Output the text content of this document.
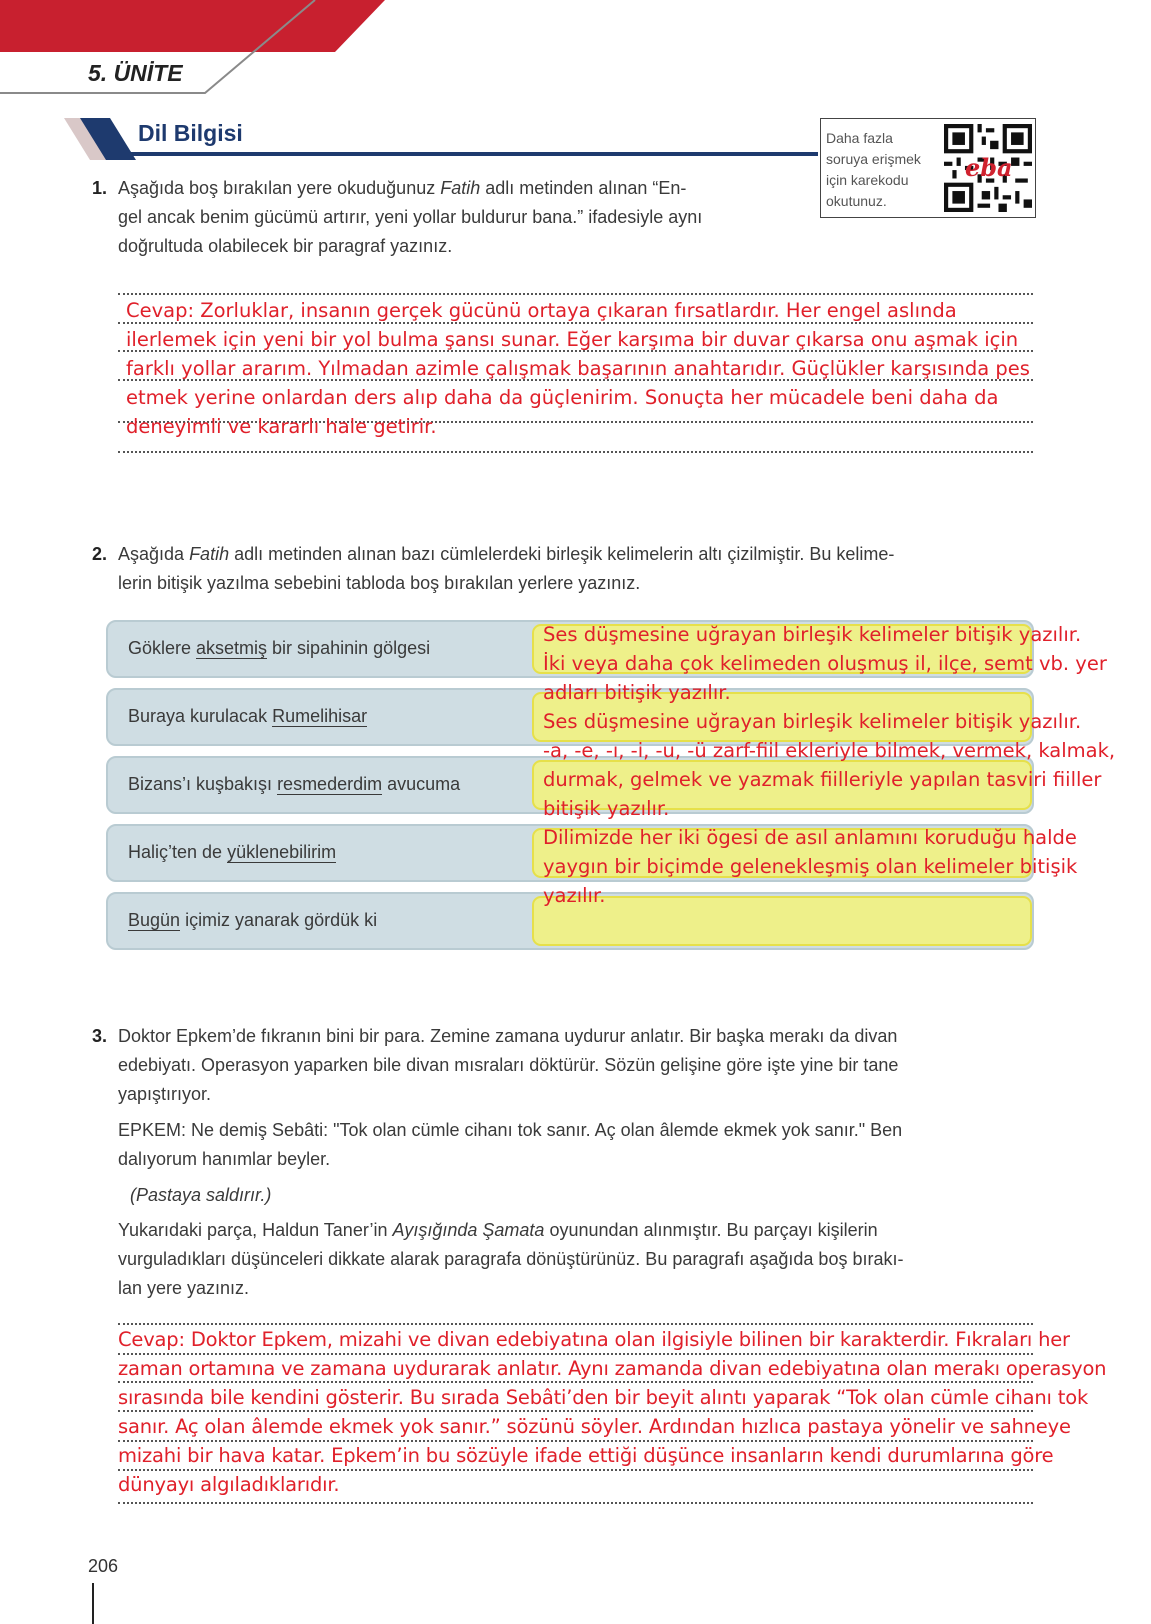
5. ÜNİTE
Dil Bilgisi	Daha fazla
soruya erişmek
için karekodu
okutunuz.
eba
1. Aşağıda boş bırakılan yere okuduğunuz Fatih adlı metinden alınan “En-
gel ancak benim gücümü artırır, yeni yollar buldurur bana.” ifadesiyle aynı
doğrultuda olabilecek bir paragraf yazınız.
Cevap: Zorluklar, insanın gerçek gücünü ortaya çıkaran fırsatlardır. Her engel aslında
ilerlemek için yeni bir yol bulma şansı sunar. Eğer karşıma bir duvar çıkarsa onu aşmak için
farklı yollar ararım. Yılmadan azimle çalışmak başarının anahtarıdır. Güçlükler karşısında pes
etmek yerine onlardan ders alıp daha da güçlenirim. Sonuçta her mücadele beni daha da
deneyimli ve kararlı hale getirir.
2. Aşağıda Fatih adlı metinden alınan bazı cümlelerdeki birleşik kelimelerin altı çizilmiştir. Bu kelime-
lerin bitişik yazılma sebebini tabloda boş bırakılan yerlere yazınız.
Göklere aksetmiş bir sipahinin gölgesi
Buraya kurulacak Rumelihisar
Bizans’ı kuşbakışı resmederdim avucuma
Haliç’ten de yüklenebilirim
Bugün içimiz yanarak gördük ki
Ses düşmesine uğrayan birleşik kelimeler bitişik yazılır.
İki veya daha çok kelimeden oluşmuş il, ilçe, semt vb. yer
adları bitişik yazılır.
Ses düşmesine uğrayan birleşik kelimeler bitişik yazılır.
-a, -e, -ı, -i, -u, -ü zarf-fiil ekleriyle bilmek, vermek, kalmak,
durmak, gelmek ve yazmak fiilleriyle yapılan tasviri fiiller
bitişik yazılır.
Dilimizde her iki ögesi de asıl anlamını koruduğu halde
yaygın bir biçimde gelenekleşmiş olan kelimeler bitişik
yazılır.
3. Doktor Epkem’de fıkranın bini bir para. Zemine zamana uydurur anlatır. Bir başka merakı da divan
edebiyatı. Operasyon yaparken bile divan mısraları döktürür. Sözün gelişine göre işte yine bir tane
yapıştırıyor.
EPKEM: Ne demiş Sebâti: "Tok olan cümle cihanı tok sanır. Aç olan âlemde ekmek yok sanır." Ben
dalıyorum hanımlar beyler.
(Pastaya saldırır.)
Yukarıdaki parça, Haldun Taner’in Ayışığında Şamata oyunundan alınmıştır. Bu parçayı kişilerin
vurguladıkları düşünceleri dikkate alarak paragrafa dönüştürünüz. Bu paragrafı aşağıda boş bırakı-
lan yere yazınız.
Cevap: Doktor Epkem, mizahi ve divan edebiyatına olan ilgisiyle bilinen bir karakterdir. Fıkraları her
zaman ortamına ve zamana uydurarak anlatır. Aynı zamanda divan edebiyatına olan merakı operasyon
sırasında bile kendini gösterir. Bu sırada Sebâti’den bir beyit alıntı yaparak “Tok olan cümle cihanı tok
sanır. Aç olan âlemde ekmek yok sanır.” sözünü söyler. Ardından hızlıca pastaya yönelir ve sahneye
mizahi bir hava katar. Epkem’in bu sözüyle ifade ettiği düşünce insanların kendi durumlarına göre
dünyayı algıladıklarıdır.
206
